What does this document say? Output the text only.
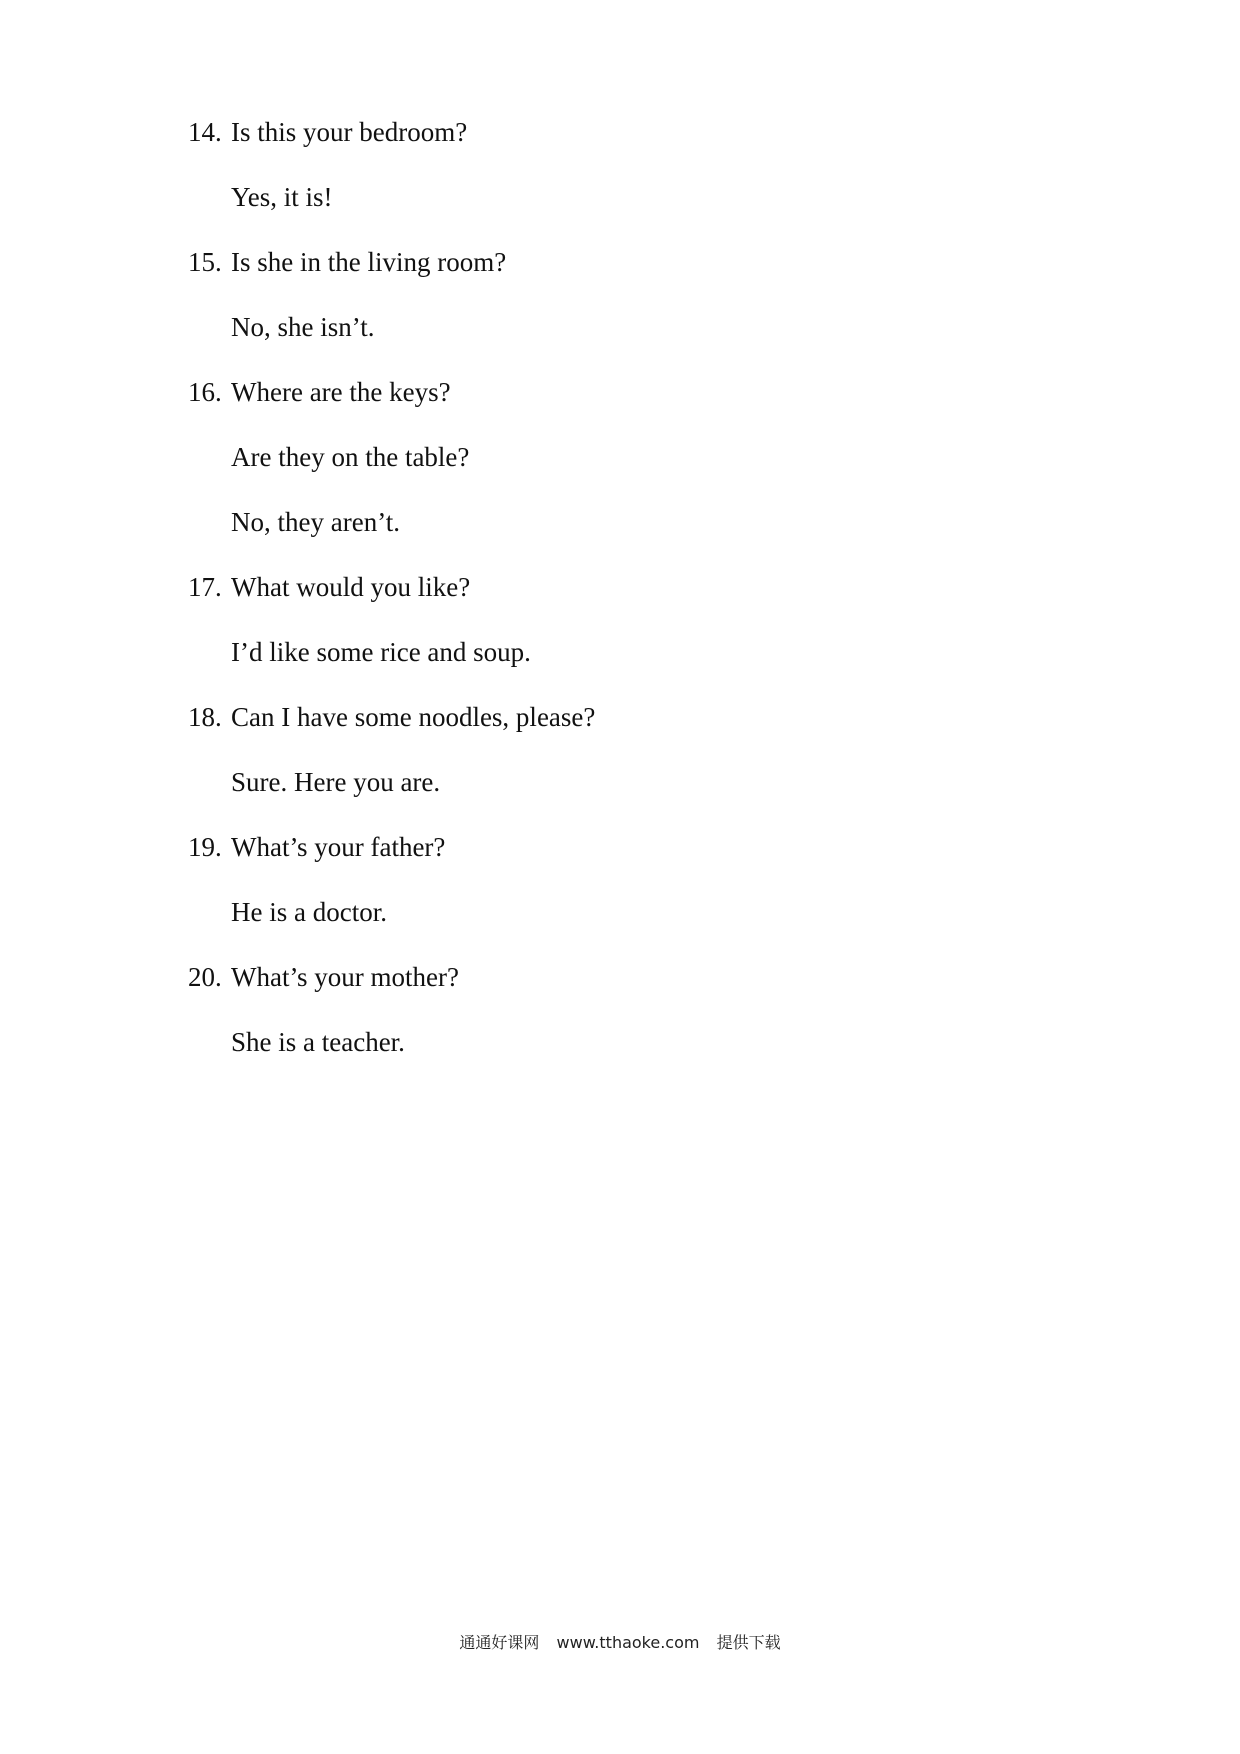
14. Is this your bedroom?
Yes, it is!
15. Is she in the living room?
No, she isn’t.
16. Where are the keys?
Are they on the table?
No, they aren’t.
17. What would you like?
I’d like some rice and soup.
18. Can I have some noodles, please?
Sure. Here you are.
19. What’s your father?
He is a doctor.
20. What’s your mother?
She is a teacher.
通通好课网 www.tthaoke.com 提供下载
